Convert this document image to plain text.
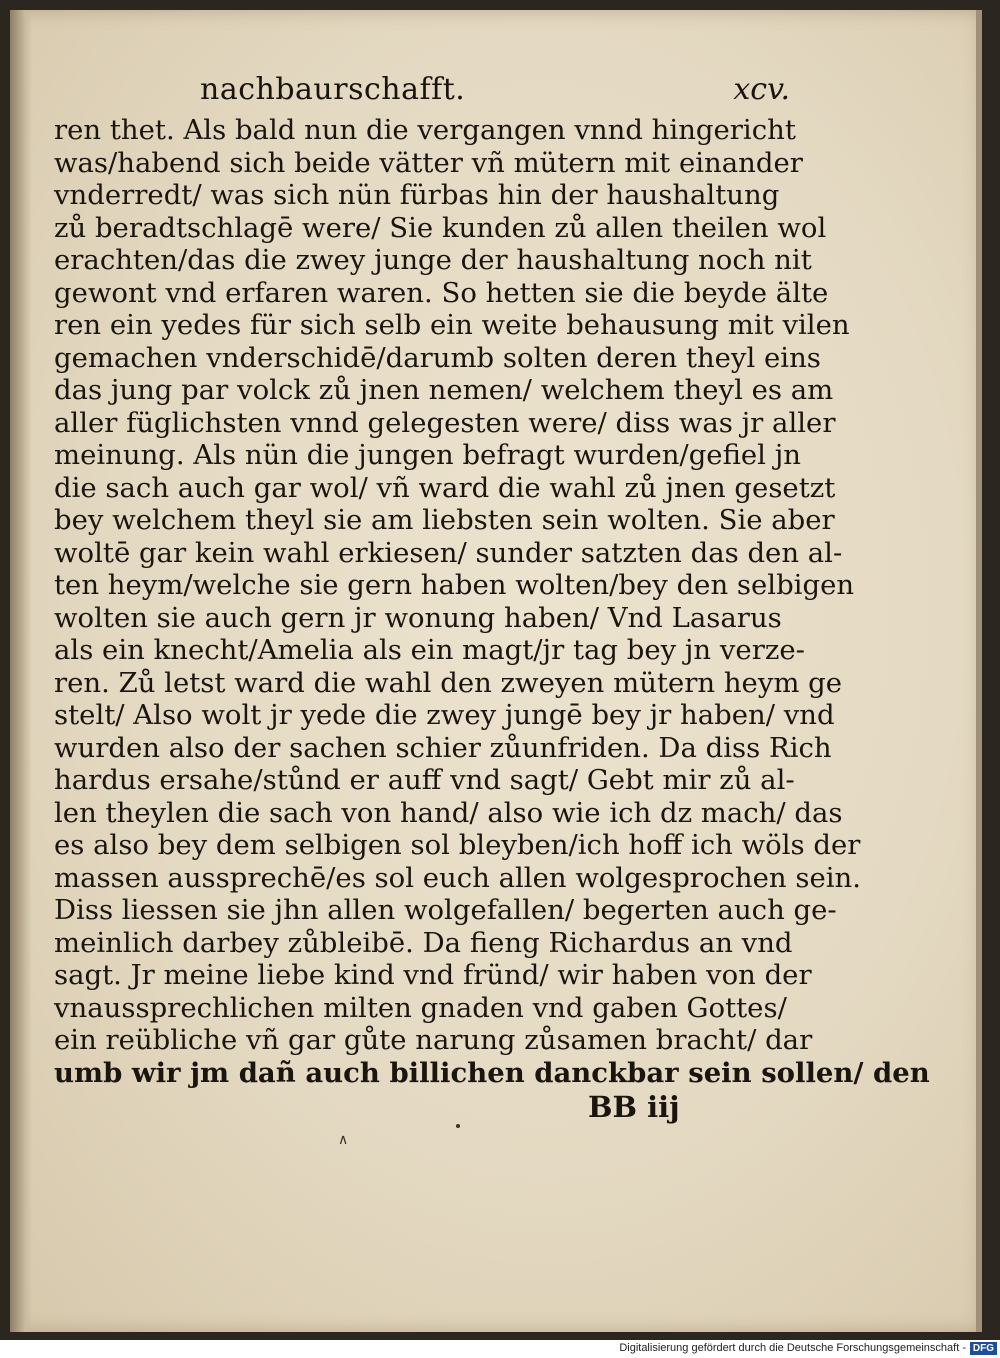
nachbaurschafft.	xcv.
ren thet. Als bald nun die vergangen vnnd hingericht
was/habend sich beide vätter vñ mütern mit einander
vnderredt/ was sich nün fürbas hin der haushaltung
zů beradtschlagē were/ Sie kunden zů allen theilen wol
erachten/das die zwey junge der haushaltung noch nit
gewont vnd erfaren waren. So hetten sie die beyde älte
ren ein yedes für sich selb ein weite behausung mit vilen
gemachen vnderschidē/darumb solten deren theyl eins
das jung par volck zů jnen nemen/ welchem theyl es am
aller füglichsten vnnd gelegesten were/ diss was jr aller
meinung. Als nün die jungen befragt wurden/gefiel jn
die sach auch gar wol/ vñ ward die wahl zů jnen gesetzt
bey welchem theyl sie am liebsten sein wolten. Sie aber
woltē gar kein wahl erkiesen/ sunder satzten das den al-
ten heym/welche sie gern haben wolten/bey den selbigen
wolten sie auch gern jr wonung haben/ Vnd Lasarus
als ein knecht/Amelia als ein magt/jr tag bey jn verze-
ren. Zů letst ward die wahl den zweyen mütern heym ge
stelt/ Also wolt jr yede die zwey jungē bey jr haben/ vnd
wurden also der sachen schier zůunfriden. Da diss Rich
hardus ersahe/stůnd er auff vnd sagt/ Gebt mir zů al-
len theylen die sach von hand/ also wie ich dz mach/ das
es also bey dem selbigen sol bleyben/ich hoff ich wöls der
massen aussprechē/es sol euch allen wolgesprochen sein.
Diss liessen sie jhn allen wolgefallen/ begerten auch ge-
meinlich darbey zůbleibē. Da fieng Richardus an vnd
sagt. Jr meine liebe kind vnd fründ/ wir haben von der
vnaussprechlichen milten gnaden vnd gaben Gottes/
ein reübliche vñ gar gůte narung zůsamen bracht/ dar
umb wir jm dañ auch billichen danckbar sein sollen/ den
BB iij
∧
Digitalisierung gefördert durch die Deutsche Forschungsgemeinschaft - DFG
